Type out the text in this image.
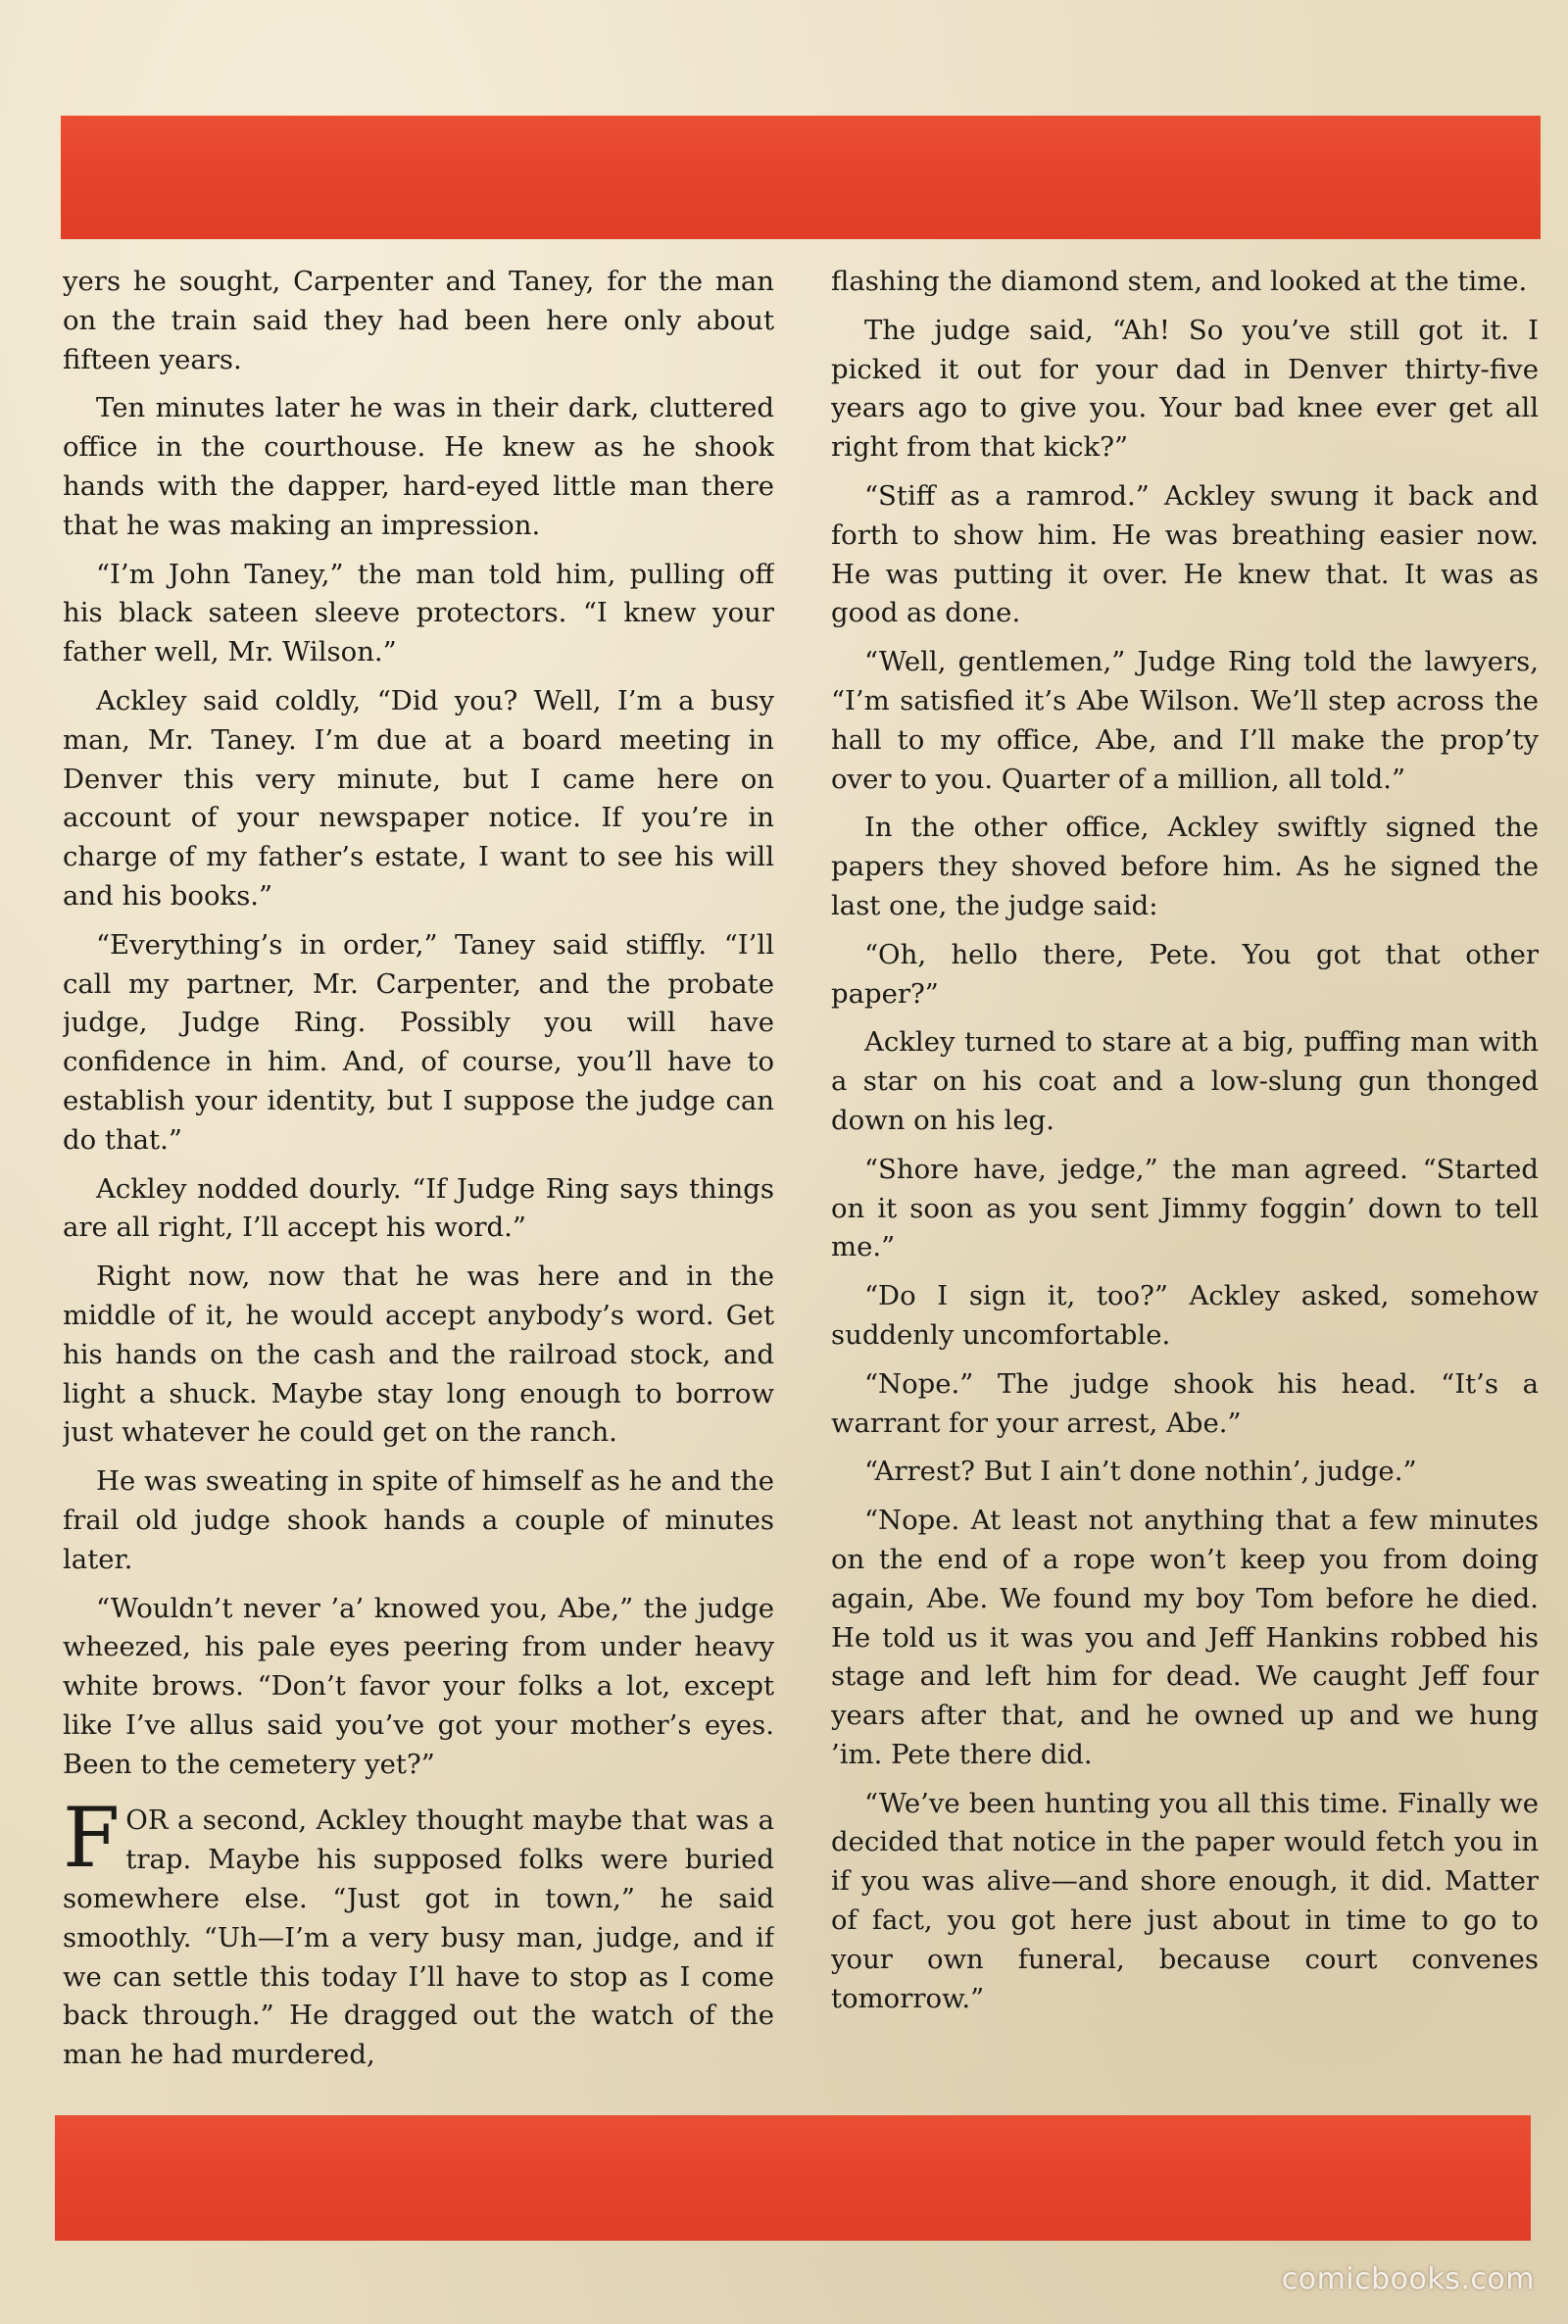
yers he sought, Carpenter and Taney, for the man on the train said they had been here only about fifteen years.

Ten minutes later he was in their dark, cluttered office in the courthouse. He knew as he shook hands with the dapper, hard-eyed little man there that he was making an impression.

“I’m John Taney,” the man told him, pulling off his black sateen sleeve protectors. “I knew your father well, Mr. Wilson.”

Ackley said coldly, “Did you? Well, I’m a busy man, Mr. Taney. I’m due at a board meeting in Denver this very minute, but I came here on account of your newspaper notice. If you’re in charge of my father’s estate, I want to see his will and his books.”

“Everything’s in order,” Taney said stiffly. “I’ll call my partner, Mr. Carpenter, and the probate judge, Judge Ring. Possibly you will have confidence in him. And, of course, you’ll have to establish your identity, but I suppose the judge can do that.”

Ackley nodded dourly. “If Judge Ring says things are all right, I’ll accept his word.”

Right now, now that he was here and in the middle of it, he would accept anybody’s word. Get his hands on the cash and the railroad stock, and light a shuck. Maybe stay long enough to borrow just whatever he could get on the ranch.

He was sweating in spite of himself as he and the frail old judge shook hands a couple of minutes later.

“Wouldn’t never ’a’ knowed you, Abe,” the judge wheezed, his pale eyes peering from under heavy white brows. “Don’t favor your folks a lot, except like I’ve allus said you’ve got your mother’s eyes. Been to the cemetery yet?”

FOR a second, Ackley thought maybe that was a trap. Maybe his supposed folks were buried somewhere else. “Just got in town,” he said smoothly. “Uh—I’m a very busy man, judge, and if we can settle this today I’ll have to stop as I come back through.” He dragged out the watch of the man he had murdered,

flashing the diamond stem, and looked at the time.

The judge said, “Ah! So you’ve still got it. I picked it out for your dad in Denver thirty-five years ago to give you. Your bad knee ever get all right from that kick?”

“Stiff as a ramrod.” Ackley swung it back and forth to show him. He was breathing easier now. He was putting it over. He knew that. It was as good as done.

“Well, gentlemen,” Judge Ring told the lawyers, “I’m satisfied it’s Abe Wilson. We’ll step across the hall to my office, Abe, and I’ll make the prop’ty over to you. Quarter of a million, all told.”

In the other office, Ackley swiftly signed the papers they shoved before him. As he signed the last one, the judge said:

“Oh, hello there, Pete. You got that other paper?”

Ackley turned to stare at a big, puffing man with a star on his coat and a low-slung gun thonged down on his leg.

“Shore have, jedge,” the man agreed. “Started on it soon as you sent Jimmy foggin’ down to tell me.”

“Do I sign it, too?” Ackley asked, somehow suddenly uncomfortable.

“Nope.” The judge shook his head. “It’s a warrant for your arrest, Abe.”

“Arrest? But I ain’t done nothin’, judge.”

“Nope. At least not anything that a few minutes on the end of a rope won’t keep you from doing again, Abe. We found my boy Tom before he died. He told us it was you and Jeff Hankins robbed his stage and left him for dead. We caught Jeff four years after that, and he owned up and we hung ’im. Pete there did.

“We’ve been hunting you all this time. Finally we decided that notice in the paper would fetch you in if you was alive—and shore enough, it did. Matter of fact, you got here just about in time to go to your own funeral, because court convenes tomorrow.”

comicbooks.com
